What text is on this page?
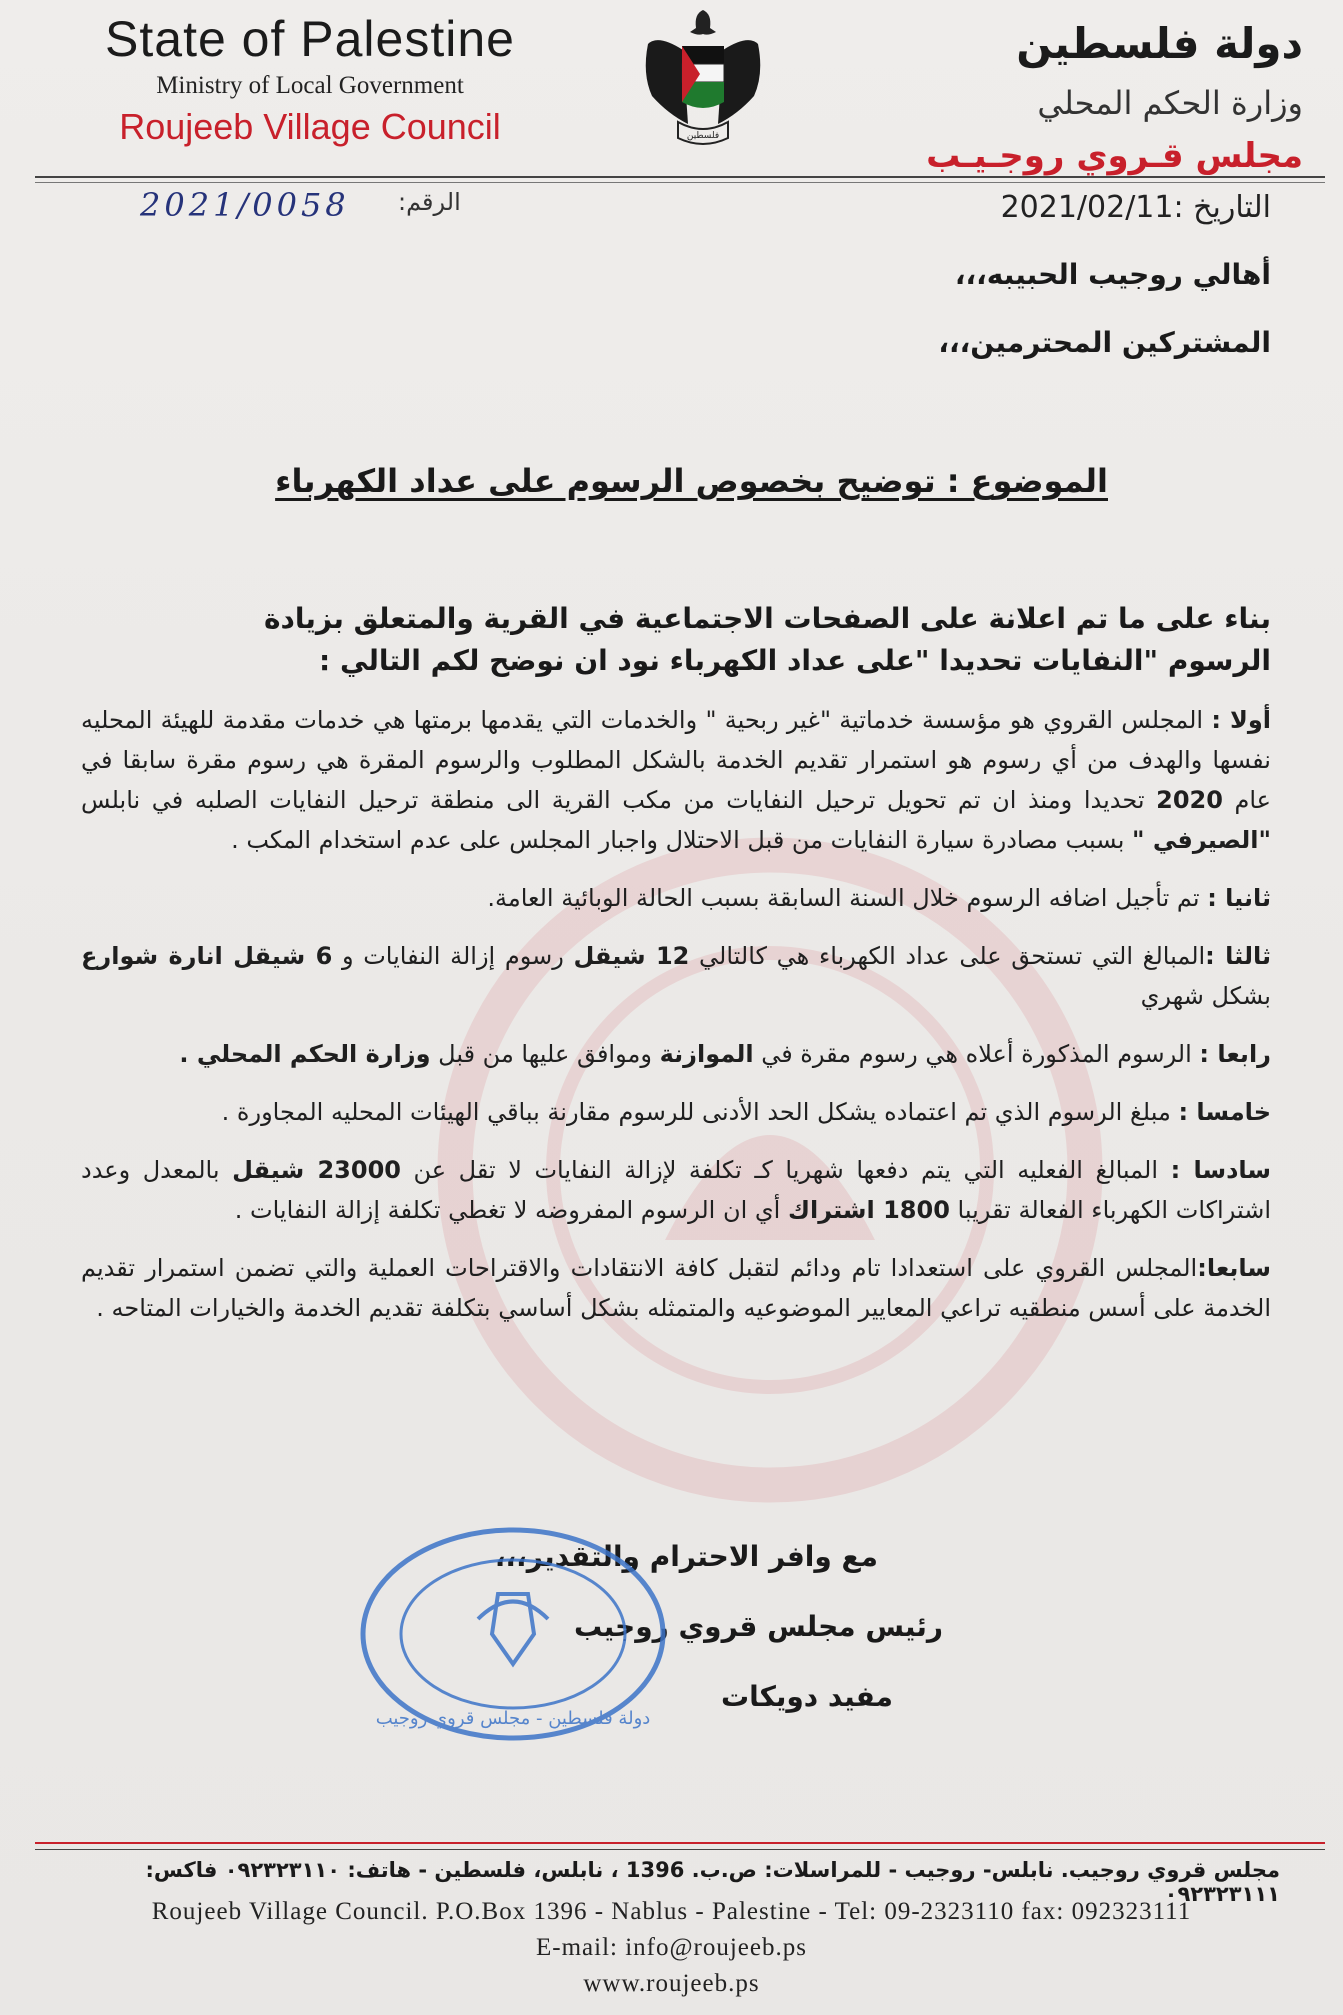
State of Palestine
Ministry of Local Government
Roujeeb Village Council	فلسطين
دولة فلسطين
وزارة الحكم المحلي
مجلس قـروي روجـيـب
2021/0058 الرقم:	التاريخ :2021/02/11
أهالي روجيب الحبيبه،،،
المشتركين المحترمين،،،
الموضوع : توضيح بخصوص الرسوم على عداد الكهرباء
بناء على ما تم اعلانة على الصفحات الاجتماعية في القرية والمتعلق بزيادة الرسوم "النفايات تحديدا "على عداد الكهرباء نود ان نوضح لكم التالي :

أولا : المجلس القروي هو مؤسسة خدماتية "غير ربحية " والخدمات التي يقدمها برمتها هي خدمات مقدمة للهيئة المحليه نفسها والهدف من أي رسوم هو استمرار تقديم الخدمة بالشكل المطلوب والرسوم المقرة هي رسوم مقرة سابقا في عام 2020 تحديدا ومنذ ان تم تحويل ترحيل النفايات من مكب القرية الى منطقة ترحيل النفايات الصلبه في نابلس "الصيرفي " بسبب مصادرة سيارة النفايات من قبل الاحتلال واجبار المجلس على عدم استخدام المكب .

ثانيا : تم تأجيل اضافه الرسوم خلال السنة السابقة بسبب الحالة الوبائية العامة.

ثالثا :المبالغ التي تستحق على عداد الكهرباء هي كالتالي 12 شيقل رسوم إزالة النفايات و 6 شيقل انارة شوارع بشكل شهري

رابعا : الرسوم المذكورة أعلاه هي رسوم مقرة في الموازنة وموافق عليها من قبل وزارة الحكم المحلي .

خامسا : مبلغ الرسوم الذي تم اعتماده يشكل الحد الأدنى للرسوم مقارنة بباقي الهيئات المحليه المجاورة .

سادسا : المبالغ الفعليه التي يتم دفعها شهريا كـ تكلفة لإزالة النفايات لا تقل عن 23000 شيقل بالمعدل وعدد اشتراكات الكهرباء الفعالة تقريبا 1800 اشتراك أي ان الرسوم المفروضه لا تغطي تكلفة إزالة النفايات .

سابعا:المجلس القروي على استعدادا تام ودائم لتقبل كافة الانتقادات والاقتراحات العملية والتي تضمن استمرار تقديم الخدمة على أسس منطقيه تراعي المعايير الموضوعيه والمتمثله بشكل أساسي بتكلفة تقديم الخدمة والخيارات المتاحه .

مع وافر الاحترام والتقدير،،،
رئيس مجلس قروي روجيب
مفيد دويكات
دولة فلسطين - مجلس قروي روجيب
مجلس قروي روجيب. نابلس- روجيب - للمراسلات: ص.ب. 1396 ، نابلس، فلسطين - هاتف: ٠٩٢٣٢٣١١٠ فاكس: ٠٩٢٣٢٣١١١
Roujeeb Village Council. P.O.Box 1396 - Nablus - Palestine - Tel: 09-2323110 fax: 092323111
E-mail: info@roujeeb.ps
www.roujeeb.ps
